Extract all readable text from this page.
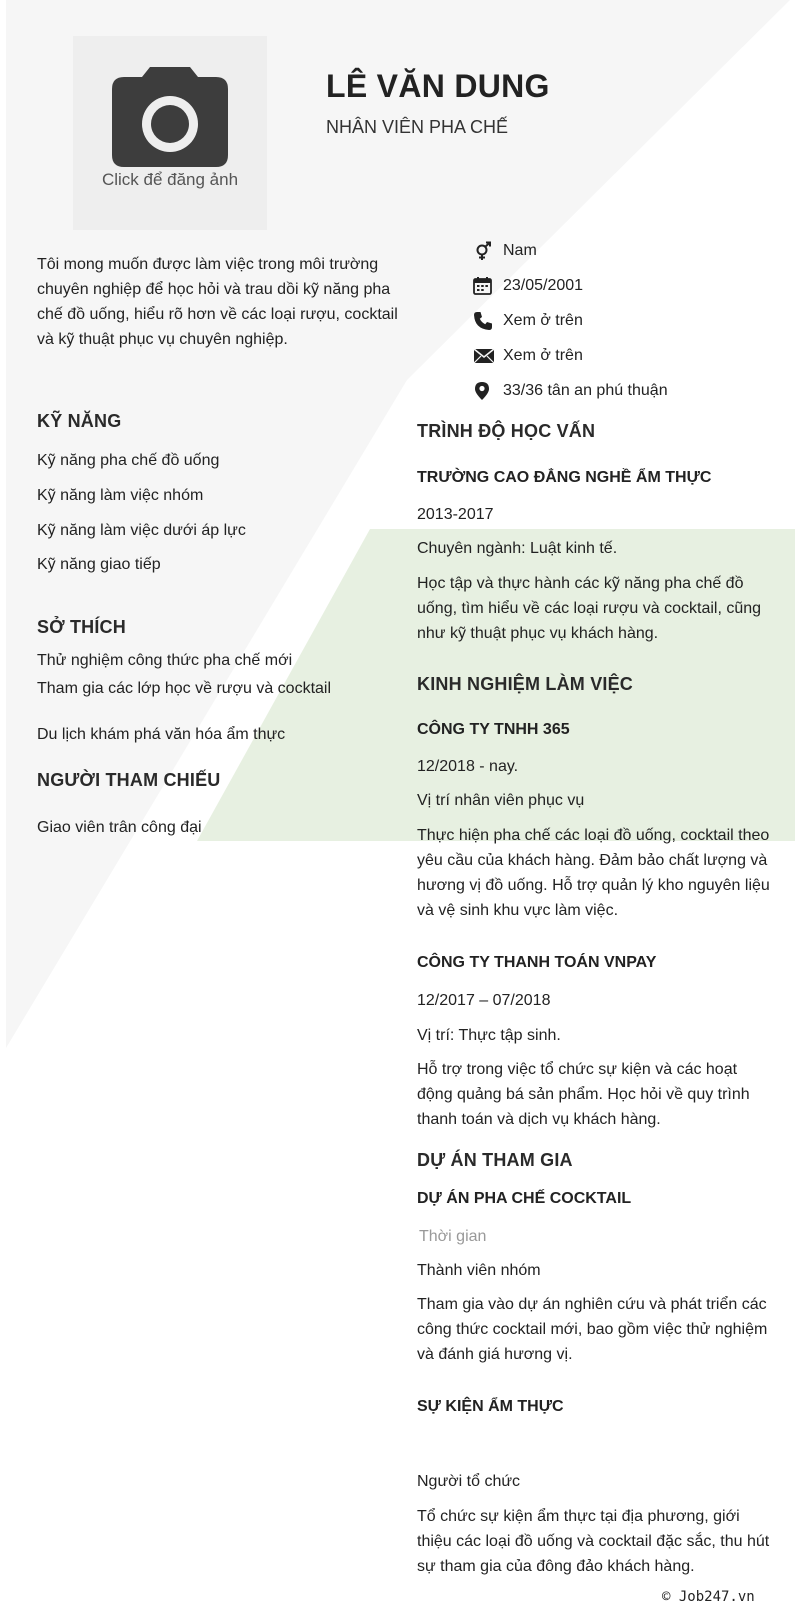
Click để đăng ảnh
LÊ VĂN DUNG
NHÂN VIÊN PHA CHẾ
Tôi mong muốn được làm việc trong môi trường chuyên nghiệp để học hỏi và trau dồi kỹ năng pha chế đồ uống, hiểu rõ hơn về các loại rượu, cocktail và kỹ thuật phục vụ chuyên nghiệp.
Nam
23/05/2001
Xem ở trên
Xem ở trên
33/36 tân an phú thuận
KỸ NĂNG
Kỹ năng pha chế đồ uống
Kỹ năng làm việc nhóm
Kỹ năng làm việc dưới áp lực
Kỹ năng giao tiếp
SỞ THÍCH
Thử nghiệm công thức pha chế mới
Tham gia các lớp học về rượu và cocktail
Du lịch khám phá văn hóa ẩm thực
NGƯỜI THAM CHIẾU
Giao viên trân công đại
TRÌNH ĐỘ HỌC VẤN
TRƯỜNG CAO ĐẲNG NGHỀ ẨM THỰC
2013-2017
Chuyên ngành: Luật kinh tế.
Học tập và thực hành các kỹ năng pha chế đồ uống, tìm hiểu về các loại rượu và cocktail, cũng như kỹ thuật phục vụ khách hàng.
KINH NGHIỆM LÀM VIỆC
CÔNG TY TNHH 365
12/2018 - nay.
Vị trí nhân viên phục vụ
Thực hiện pha chế các loại đồ uống, cocktail theo yêu cầu của khách hàng. Đảm bảo chất lượng và hương vị đồ uống. Hỗ trợ quản lý kho nguyên liệu và vệ sinh khu vực làm việc.
CÔNG TY THANH TOÁN VNPAY
12/2017 – 07/2018
Vị trí: Thực tập sinh.
Hỗ trợ trong việc tổ chức sự kiện và các hoạt động quảng bá sản phẩm. Học hỏi về quy trình thanh toán và dịch vụ khách hàng.
DỰ ÁN THAM GIA
DỰ ÁN PHA CHẾ COCKTAIL
Thời gian
Thành viên nhóm
Tham gia vào dự án nghiên cứu và phát triển các công thức cocktail mới, bao gồm việc thử nghiệm và đánh giá hương vị.
SỰ KIỆN ẨM THỰC
Người tổ chức
Tổ chức sự kiện ẩm thực tại địa phương, giới thiệu các loại đồ uống và cocktail đặc sắc, thu hút sự tham gia của đông đảo khách hàng.
© Job247.vn
